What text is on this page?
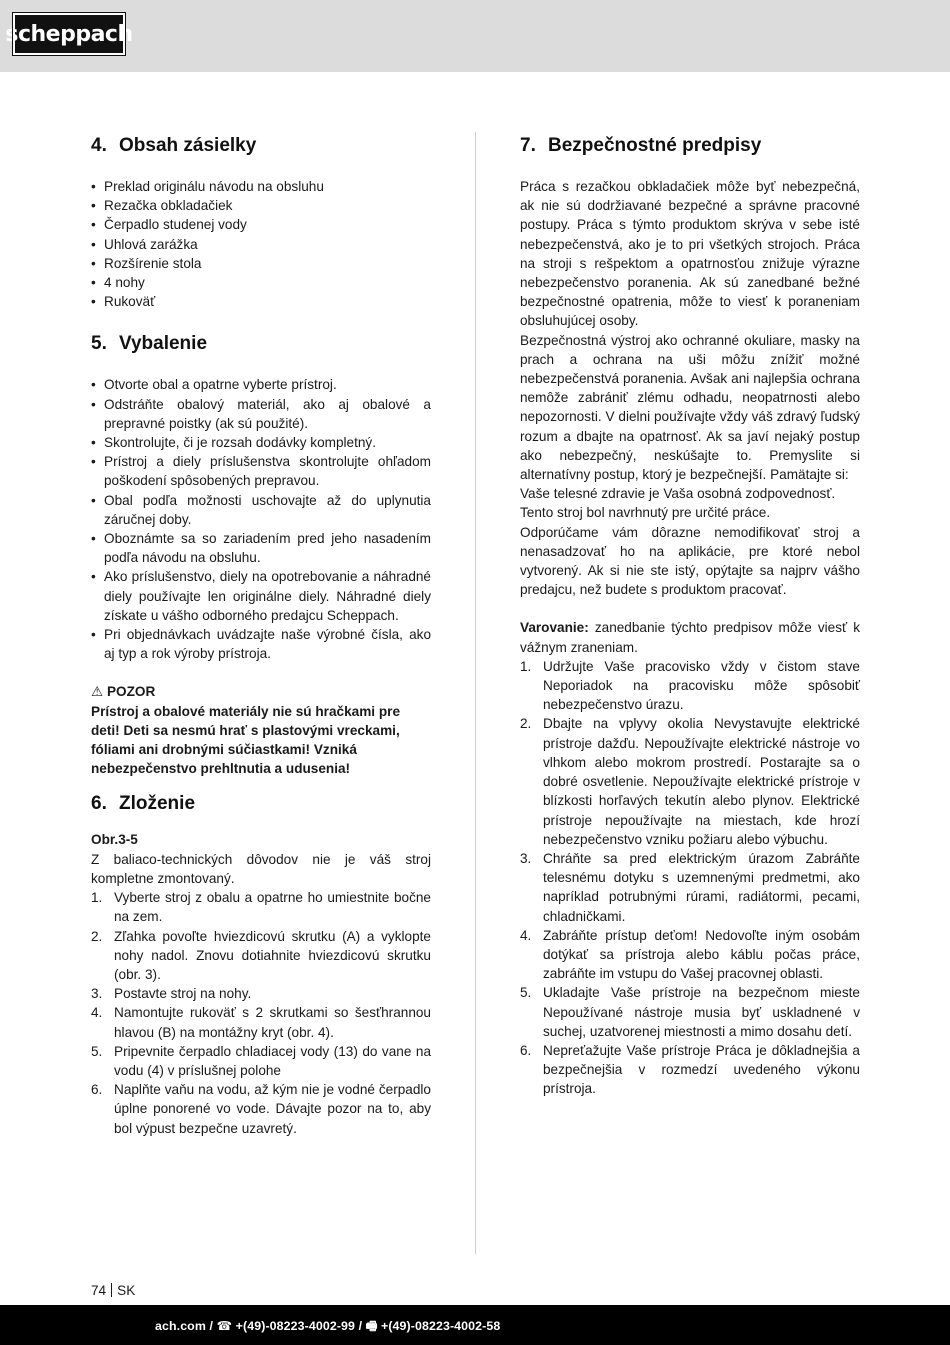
scheppach
4. Obsah zásielky
• Preklad originálu návodu na obsluhu
• Rezačka obkladačiek
• Čerpadlo studenej vody
• Uhlová zarážka
• Rozšírenie stola
• 4 nohy
• Rukoväť
5. Vybalenie
• Otvorte obal a opatrne vyberte prístroj.
• Odstráňte obalový materiál, ako aj obalové a prepravné poistky (ak sú použité).
• Skontrolujte, či je rozsah dodávky kompletný.
• Prístroj a diely príslušenstva skontrolujte ohľadom poškodení spôsobených prepravou.
• Obal podľa možnosti uschovajte až do uplynutia záručnej doby.
• Oboznámte sa so zariadením pred jeho nasadením podľa návodu na obsluhu.
• Ako príslušenstvo, diely na opotrebovanie a náhradné diely používajte len originálne diely. Náhradné diely získate u vášho odborného predajcu Scheppach.
• Pri objednávkach uvádzajte naše výrobné čísla, ako aj typ a rok výroby prístroja.
⚠ POZOR

Prístroj a obalové materiály nie sú hračkami pre deti! Deti sa nesmú hrať s plastovými vreckami, fóliami ani drobnými súčiastkami! Vzniká nebezpečenstvo prehltnutia a udusenia!

6. Zloženie

Obr.3-5

Z baliaco-technických dôvodov nie je váš stroj kompletne zmontovaný.

1. Vyberte stroj z obalu a opatrne ho umiestnite bočne na zem.
2. Zľahka povoľte hviezdicovú skrutku (A) a vyklopte nohy nadol. Znovu dotiahnite hviezdicovú skrutku (obr. 3).
3. Postavte stroj na nohy.
4. Namontujte rukoväť s 2 skrutkami so šesťhrannou hlavou (B) na montážny kryt (obr. 4).
5. Pripevnite čerpadlo chladiacej vody (13) do vane na vodu (4) v príslušnej polohe
6. Naplňte vaňu na vodu, až kým nie je vodné čerpadlo úplne ponorené vo vode. Dávajte pozor na to, aby bol výpust bezpečne uzavretý.
7. Bezpečnostné predpisy

Práca s rezačkou obkladačiek môže byť nebezpečná, ak nie sú dodržiavané bezpečné a správne pracovné postupy. Práca s týmto produktom skrýva v sebe isté nebezpečenstvá, ako je to pri všetkých strojoch. Práca na stroji s rešpektom a opatrnosťou znižuje výrazne nebezpečenstvo poranenia. Ak sú zanedbané bežné bezpečnostné opatrenia, môže to viesť k poraneniam obsluhujúcej osoby.

Bezpečnostná výstroj ako ochranné okuliare, masky na prach a ochrana na uši môžu znížiť možné nebezpečenstvá poranenia. Avšak ani najlepšia ochrana nemôže zabrániť zlému odhadu, neopatrnosti alebo nepozornosti. V dielni používajte vždy váš zdravý ľudský rozum a dbajte na opatrnosť. Ak sa javí nejaký postup ako nebezpečný, neskúšajte to. Premyslite si alternatívny postup, ktorý je bezpečnejší. Pamätajte si:

Vaše telesné zdravie je Vaša osobná zodpovednosť.

Tento stroj bol navrhnutý pre určité práce.

Odporúčame vám dôrazne nemodifikovať stroj a nenasadzovať ho na aplikácie, pre ktoré nebol vytvorený. Ak si nie ste istý, opýtajte sa najprv vášho predajcu, než budete s produktom pracovať.

Varovanie: zanedbanie týchto predpisov môže viesť k vážnym zraneniam.

1. Udržujte Vaše pracovisko vždy v čistom stave Neporiadok na pracovisku môže spôsobiť nebezpečenstvo úrazu.
2. Dbajte na vplyvy okolia Nevystavujte elektrické prístroje dažďu. Nepoužívajte elektrické nástroje vo vlhkom alebo mokrom prostredí. Postarajte sa o dobré osvetlenie. Nepoužívajte elektrické prístroje v blízkosti horľavých tekutín alebo plynov. Elektrické prístroje nepoužívajte na miestach, kde hrozí nebezpečenstvo vzniku požiaru alebo výbuchu.
3. Chráňte sa pred elektrickým úrazom Zabráňte telesnému dotyku s uzemnenými predmetmi, ako napríklad potrubnými rúrami, radiátormi, pecami, chladničkami.
4. Zabráňte prístup deťom! Nedovoľte iným osobám dotýkať sa prístroja alebo káblu počas práce, zabráňte im vstupu do Vašej pracovnej oblasti.
5. Ukladajte Vaše prístroje na bezpečnom mieste Nepoužívané nástroje musia byť uskladnené v suchej, uzatvorenej miestnosti a mimo dosahu detí.
6. Nepreťažujte Vaše prístroje Práca je dôkladnejšia a bezpečnejšia v rozmedzí uvedeného výkonu prístroja.
74 SK
ach.com / ☎ +(49)-08223-4002-99 / 🖷 +(49)-08223-4002-58
